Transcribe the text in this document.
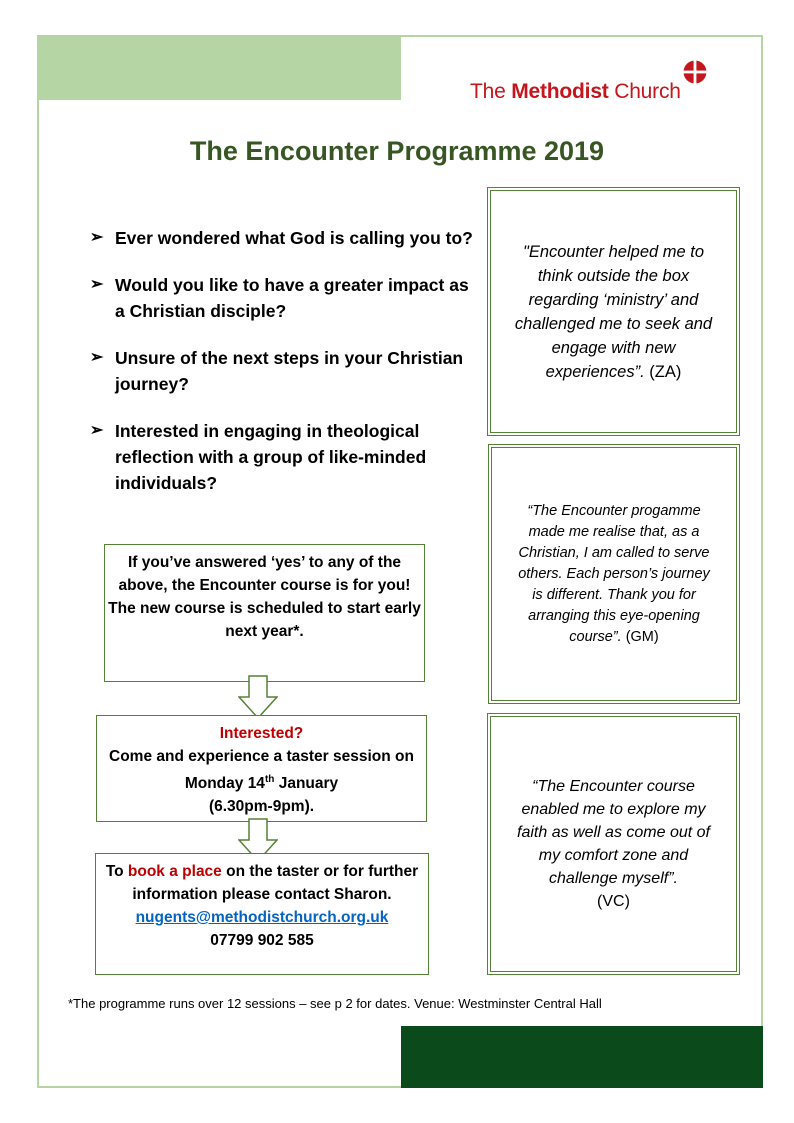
The Methodist Church
The Encounter Programme 2019
➢ Ever wondered what God is calling you to?
➢ Would you like to have a greater impact as a Christian disciple?
➢ Unsure of the next steps in your Christian journey?
➢ Interested in engaging in theological reflection with a group of like-minded individuals?
If you’ve answered ‘yes’ to any of the above, the Encounter course is for you!
The new course is scheduled to start early next year*.
Interested?
Come and experience a taster session on Monday 14th January
(6.30pm-9pm).
To book a place on the taster or for further information please contact Sharon.
nugents@methodistchurch.org.uk
07799 902 585
"Encounter helped me to think outside the box regarding ‘ministry’ and challenged me to seek and engage with new experiences”. (ZA)
“The Encounter progamme made me realise that, as a Christian, I am called to serve others. Each person’s journey is different. Thank you for arranging this eye-opening course”. (GM)
“The Encounter course enabled me to explore my faith as well as come out of my comfort zone and challenge myself”.
(VC)
*The programme runs over 12 sessions – see p 2 for dates. Venue: Westminster Central Hall
